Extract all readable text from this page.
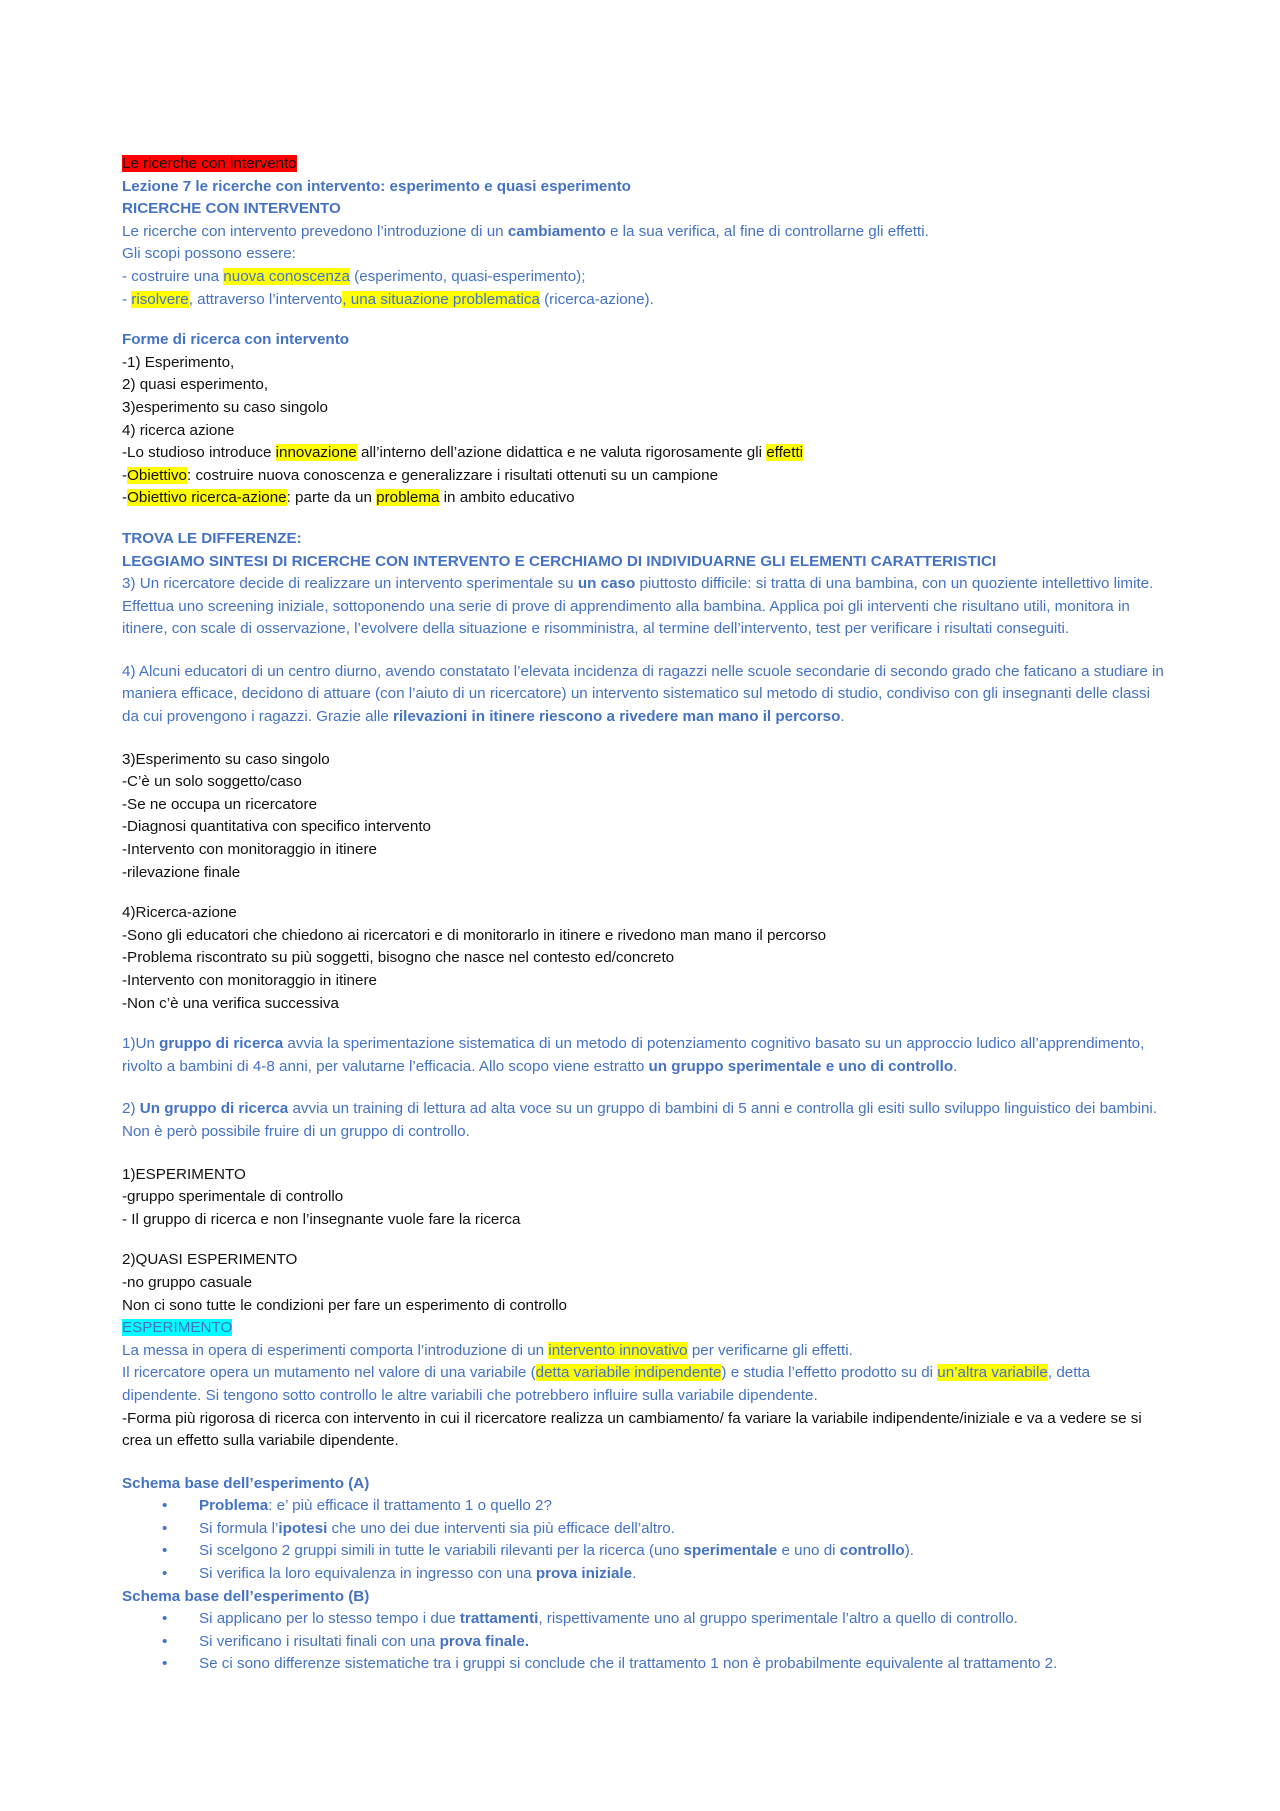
Le ricerche con intervento

Lezione 7 le ricerche con intervento: esperimento e quasi esperimento

RICERCHE CON INTERVENTO

Le ricerche con intervento prevedono l’introduzione di un cambiamento e la sua verifica, al fine di controllarne gli effetti.

Gli scopi possono essere:

- costruire una nuova conoscenza (esperimento, quasi-esperimento);

- risolvere, attraverso l’intervento, una situazione problematica (ricerca-azione).

Forme di ricerca con intervento

-1) Esperimento,

2) quasi esperimento,

3)esperimento su caso singolo

4) ricerca azione

-Lo studioso introduce innovazione all’interno dell’azione didattica e ne valuta rigorosamente gli effetti

-Obiettivo: costruire nuova conoscenza e generalizzare i risultati ottenuti su un campione

-Obiettivo ricerca-azione: parte da un problema in ambito educativo

TROVA LE DIFFERENZE:

LEGGIAMO SINTESI DI RICERCHE CON INTERVENTO E CERCHIAMO DI INDIVIDUARNE GLI ELEMENTI CARATTERISTICI

3) Un ricercatore decide di realizzare un intervento sperimentale su un caso piuttosto difficile: si tratta di una bambina, con un quoziente intellettivo limite. Effettua uno screening iniziale, sottoponendo una serie di prove di apprendimento alla bambina. Applica poi gli interventi che risultano utili, monitora in itinere, con scale di osservazione, l’evolvere della situazione e risomministra, al termine dell’intervento, test per verificare i risultati conseguiti.

4) Alcuni educatori di un centro diurno, avendo constatato l’elevata incidenza di ragazzi nelle scuole secondarie di secondo grado che faticano a studiare in maniera efficace, decidono di attuare (con l’aiuto di un ricercatore) un intervento sistematico sul metodo di studio, condiviso con gli insegnanti delle classi da cui provengono i ragazzi. Grazie alle rilevazioni in itinere riescono a rivedere man mano il percorso.

3)Esperimento su caso singolo

-C’è un solo soggetto/caso

-Se ne occupa un ricercatore

-Diagnosi quantitativa con specifico intervento

-Intervento con monitoraggio in itinere

-rilevazione finale

4)Ricerca-azione

-Sono gli educatori che chiedono ai ricercatori e di monitorarlo in itinere e rivedono man mano il percorso

-Problema riscontrato su più soggetti, bisogno che nasce nel contesto ed/concreto

-Intervento con monitoraggio in itinere

-Non c’è una verifica successiva

1)Un gruppo di ricerca avvia la sperimentazione sistematica di un metodo di potenziamento cognitivo basato su un approccio ludico all’apprendimento, rivolto a bambini di 4-8 anni, per valutarne l’efficacia. Allo scopo viene estratto un gruppo sperimentale e uno di controllo.

2) Un gruppo di ricerca avvia un training di lettura ad alta voce su un gruppo di bambini di 5 anni e controlla gli esiti sullo sviluppo linguistico dei bambini. Non è però possibile fruire di un gruppo di controllo.

1)ESPERIMENTO

-gruppo sperimentale di controllo

- Il gruppo di ricerca e non l’insegnante vuole fare la ricerca

2)QUASI ESPERIMENTO

-no gruppo casuale

Non ci sono tutte le condizioni per fare un esperimento di controllo

ESPERIMENTO

La messa in opera di esperimenti comporta l’introduzione di un intervento innovativo per verificarne gli effetti.

Il ricercatore opera un mutamento nel valore di una variabile (detta variabile indipendente) e studia l’effetto prodotto su di un’altra variabile, detta dipendente. Si tengono sotto controllo le altre variabili che potrebbero influire sulla variabile dipendente.

-Forma più rigorosa di ricerca con intervento in cui il ricercatore realizza un cambiamento/ fa variare la variabile indipendente/iniziale e va a vedere se si crea un effetto sulla variabile dipendente.

Schema base dell’esperimento (A)

• Problema: e’ più efficace il trattamento 1 o quello 2?
• Si formula l’ipotesi che uno dei due interventi sia più efficace dell’altro.
• Si scelgono 2 gruppi simili in tutte le variabili rilevanti per la ricerca (uno sperimentale e uno di controllo).
• Si verifica la loro equivalenza in ingresso con una prova iniziale.

Schema base dell’esperimento (B)

• Si applicano per lo stesso tempo i due trattamenti, rispettivamente uno al gruppo sperimentale l’altro a quello di controllo.
• Si verificano i risultati finali con una prova finale.
• Se ci sono differenze sistematiche tra i gruppi si conclude che il trattamento 1 non è probabilmente equivalente al trattamento 2.
